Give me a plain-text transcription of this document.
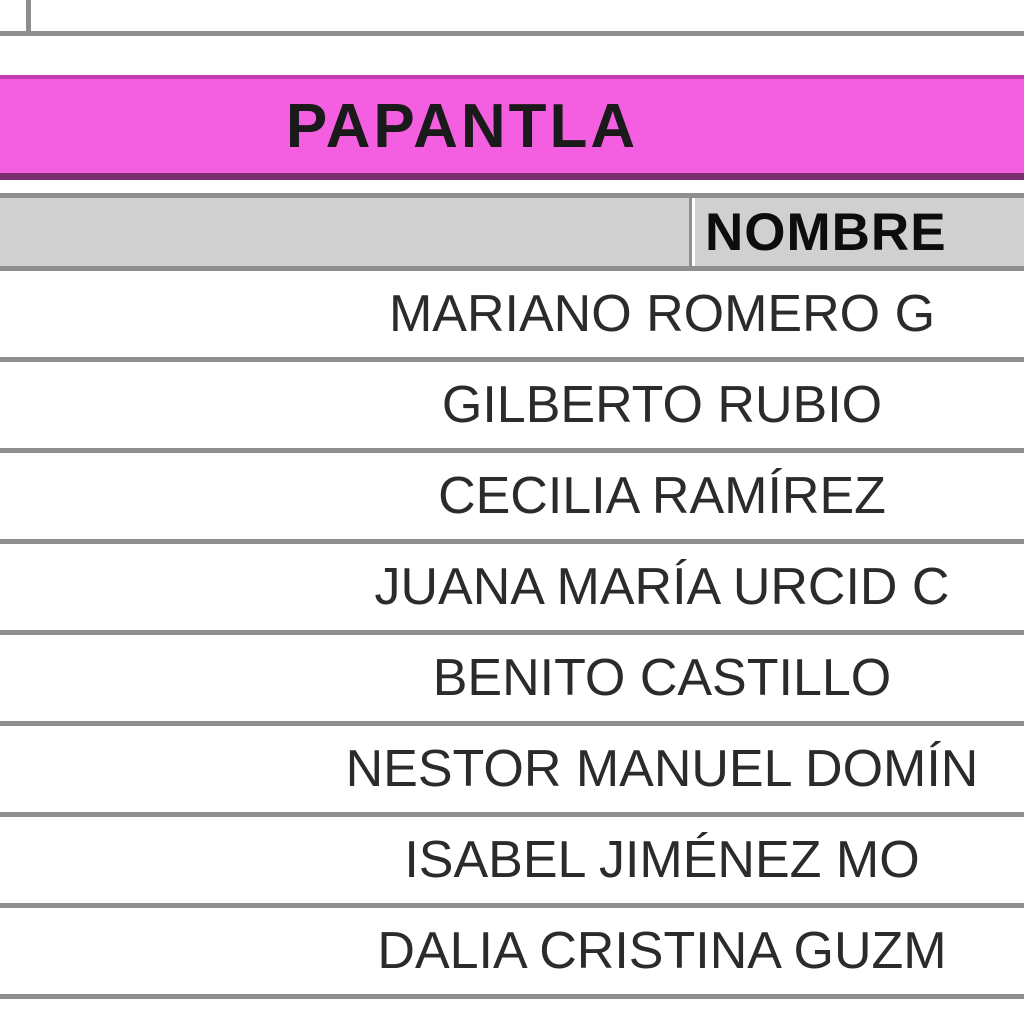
PAPANTLA
NOMBRE
MARIANO ROMERO G
GILBERTO RUBIO
CECILIA RAMÍREZ
JUANA MARÍA URCID C
BENITO CASTILLO
NESTOR MANUEL DOMÍN
ISABEL JIMÉNEZ MO
DALIA CRISTINA GUZM
